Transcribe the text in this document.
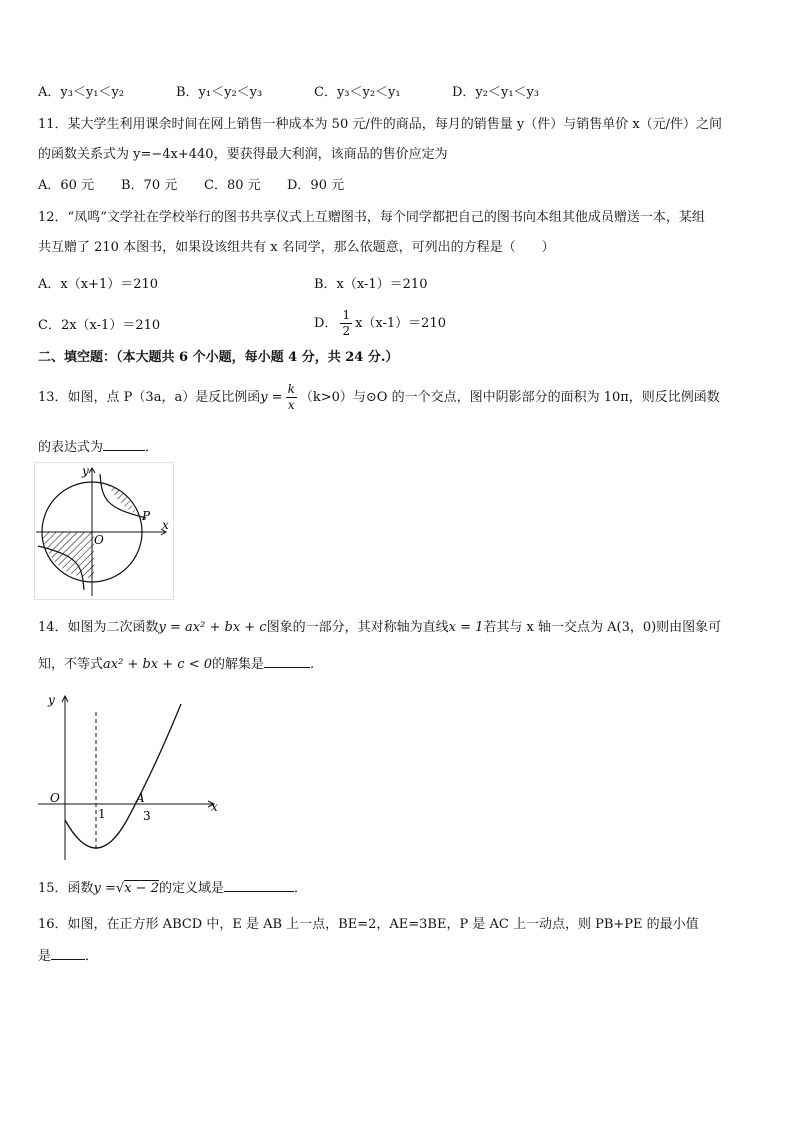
A．y₃＜y₁＜y₂	B．y₁＜y₂＜y₃	C．y₃＜y₂＜y₁	D．y₂＜y₁＜y₃
11．某大学生利用课余时间在网上销售一种成本为 50 元/件的商品，每月的销售量 y（件）与销售单价 x（元/件）之间
的函数关系式为 y=−4x+440，要获得最大利润，该商品的售价应定为
A．60 元 B．70 元 C．80 元 D．90 元
12．“凤鸣”文学社在学校举行的图书共享仪式上互赠图书，每个同学都把自己的图书向本组其他成员赠送一本，某组
共互赠了 210 本图书，如果设该组共有 x 名同学，那么依题意，可列出的方程是（　　）
A．x（x+1）＝210	B．x（x-1）＝210
C．2x（x-1）＝210	D． $\frac{1}{2} x(x-1)=210$
二、填空题：（本大题共 6 个小题，每小题 4 分，共 24 分.）
13．如图，点 P（3a，a）是反比例函$y = \frac{k}{x} (k>0)$与⊙O 的一个交点，图中阴影部分的面积为 10π，则反比例函数
的表达式为	．
y
x
P
O
14．如图为二次函数y = ax² + bx + c图象的一部分，其对称轴为直线x = 1若其与 x 轴一交点为 A(3，0)则由图象可
知，不等式ax² + bx + c < 0的解集是	.
O
y
x
A
1	3
15．函数y =√x − 2的定义域是	．
16．如图，在正方形 ABCD 中，E 是 AB 上一点，BE=2，AE=3BE，P 是 AC 上一动点，则 PB+PE 的最小值
是	．
